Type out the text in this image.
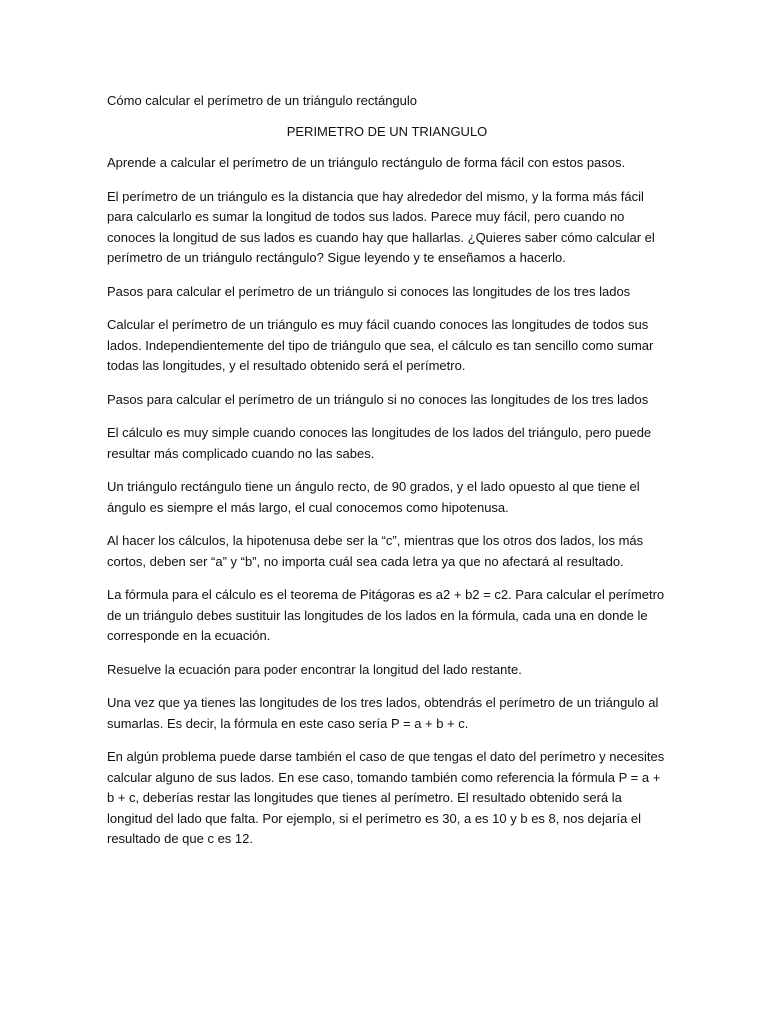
Cómo calcular el perímetro de un triángulo rectángulo

PERIMETRO DE UN TRIANGULO

Aprende a calcular el perímetro de un triángulo rectángulo de forma fácil con estos pasos.

El perímetro de un triángulo es la distancia que hay alrededor del mismo, y la forma más fácil para calcularlo es sumar la longitud de todos sus lados. Parece muy fácil, pero cuando no conoces la longitud de sus lados es cuando hay que hallarlas. ¿Quieres saber cómo calcular el perímetro de un triángulo rectángulo? Sigue leyendo y te enseñamos a hacerlo.

Pasos para calcular el perímetro de un triángulo si conoces las longitudes de los tres lados

Calcular el perímetro de un triángulo es muy fácil cuando conoces las longitudes de todos sus lados. Independientemente del tipo de triángulo que sea, el cálculo es tan sencillo como sumar todas las longitudes, y el resultado obtenido será el perímetro.

Pasos para calcular el perímetro de un triángulo si no conoces las longitudes de los tres lados

El cálculo es muy simple cuando conoces las longitudes de los lados del triángulo, pero puede resultar más complicado cuando no las sabes.

Un triángulo rectángulo tiene un ángulo recto, de 90 grados, y el lado opuesto al que tiene el ángulo es siempre el más largo, el cual conocemos como hipotenusa.

Al hacer los cálculos, la hipotenusa debe ser la “c”, mientras que los otros dos lados, los más cortos, deben ser “a” y “b”, no importa cuál sea cada letra ya que no afectará al resultado.

La fórmula para el cálculo es el teorema de Pitágoras es a2 + b2 = c2. Para calcular el perímetro de un triángulo debes sustituir las longitudes de los lados en la fórmula, cada una en donde le corresponde en la ecuación.

Resuelve la ecuación para poder encontrar la longitud del lado restante.

Una vez que ya tienes las longitudes de los tres lados, obtendrás el perímetro de un triángulo al sumarlas. Es decir, la fórmula en este caso sería P = a + b + c.

En algún problema puede darse también el caso de que tengas el dato del perímetro y necesites calcular alguno de sus lados. En ese caso, tomando también como referencia la fórmula P = a + b + c, deberías restar las longitudes que tienes al perímetro. El resultado obtenido será la longitud del lado que falta. Por ejemplo, si el perímetro es 30, a es 10 y b es 8, nos dejaría el resultado de que c es 12.
